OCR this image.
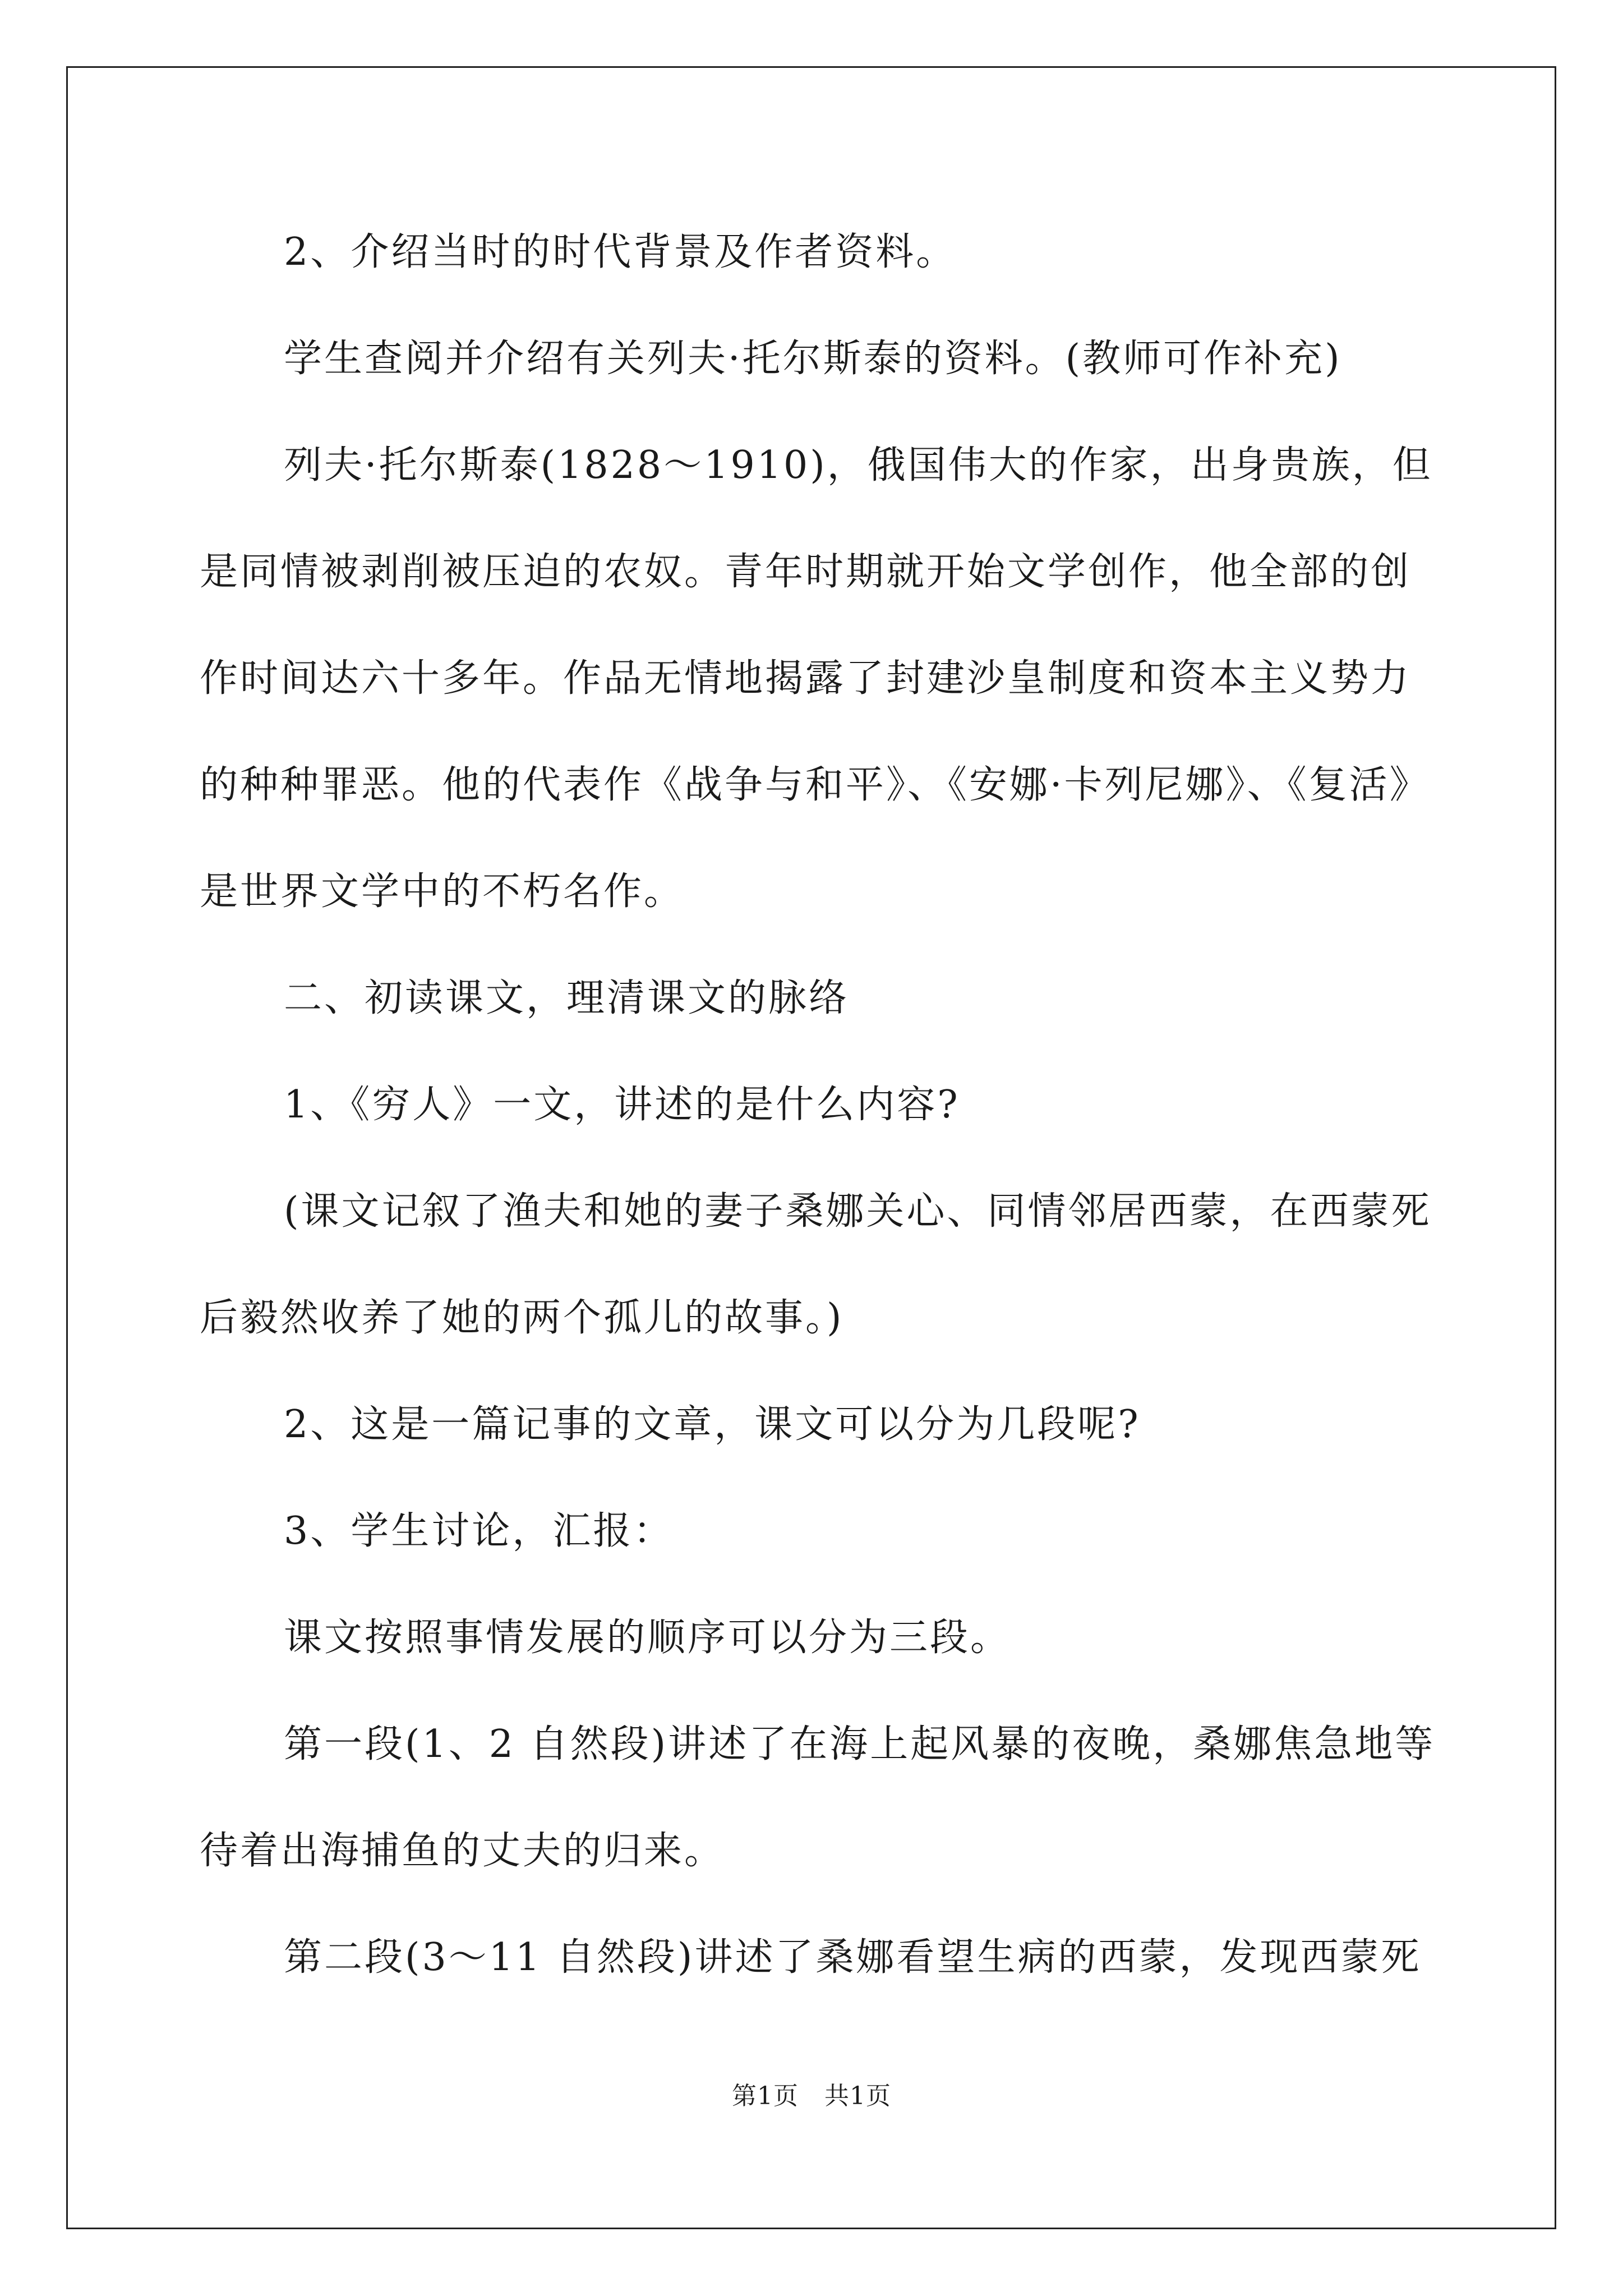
2、介绍当时的时代背景及作者资料。
学生查阅并介绍有关列夫·托尔斯泰的资料。(教师可作补充)
列夫·托尔斯泰(1828～1910)，俄国伟大的作家，出身贵族，但
是同情被剥削被压迫的农奴。青年时期就开始文学创作，他全部的创
作时间达六十多年。作品无情地揭露了封建沙皇制度和资本主义势力
的种种罪恶。他的代表作《战争与和平》、《安娜·卡列尼娜》、《复活》
是世界文学中的不朽名作。
二、初读课文，理清课文的脉络
1、《穷人》一文，讲述的是什么内容?
(课文记叙了渔夫和她的妻子桑娜关心、同情邻居西蒙，在西蒙死
后毅然收养了她的两个孤儿的故事。)
2、这是一篇记事的文章，课文可以分为几段呢?
3、学生讨论，汇报：
课文按照事情发展的顺序可以分为三段。
第一段(1、2 自然段)讲述了在海上起风暴的夜晚，桑娜焦急地等
待着出海捕鱼的丈夫的归来。
第二段(3～11 自然段)讲述了桑娜看望生病的西蒙，发现西蒙死
第1页 共1页
